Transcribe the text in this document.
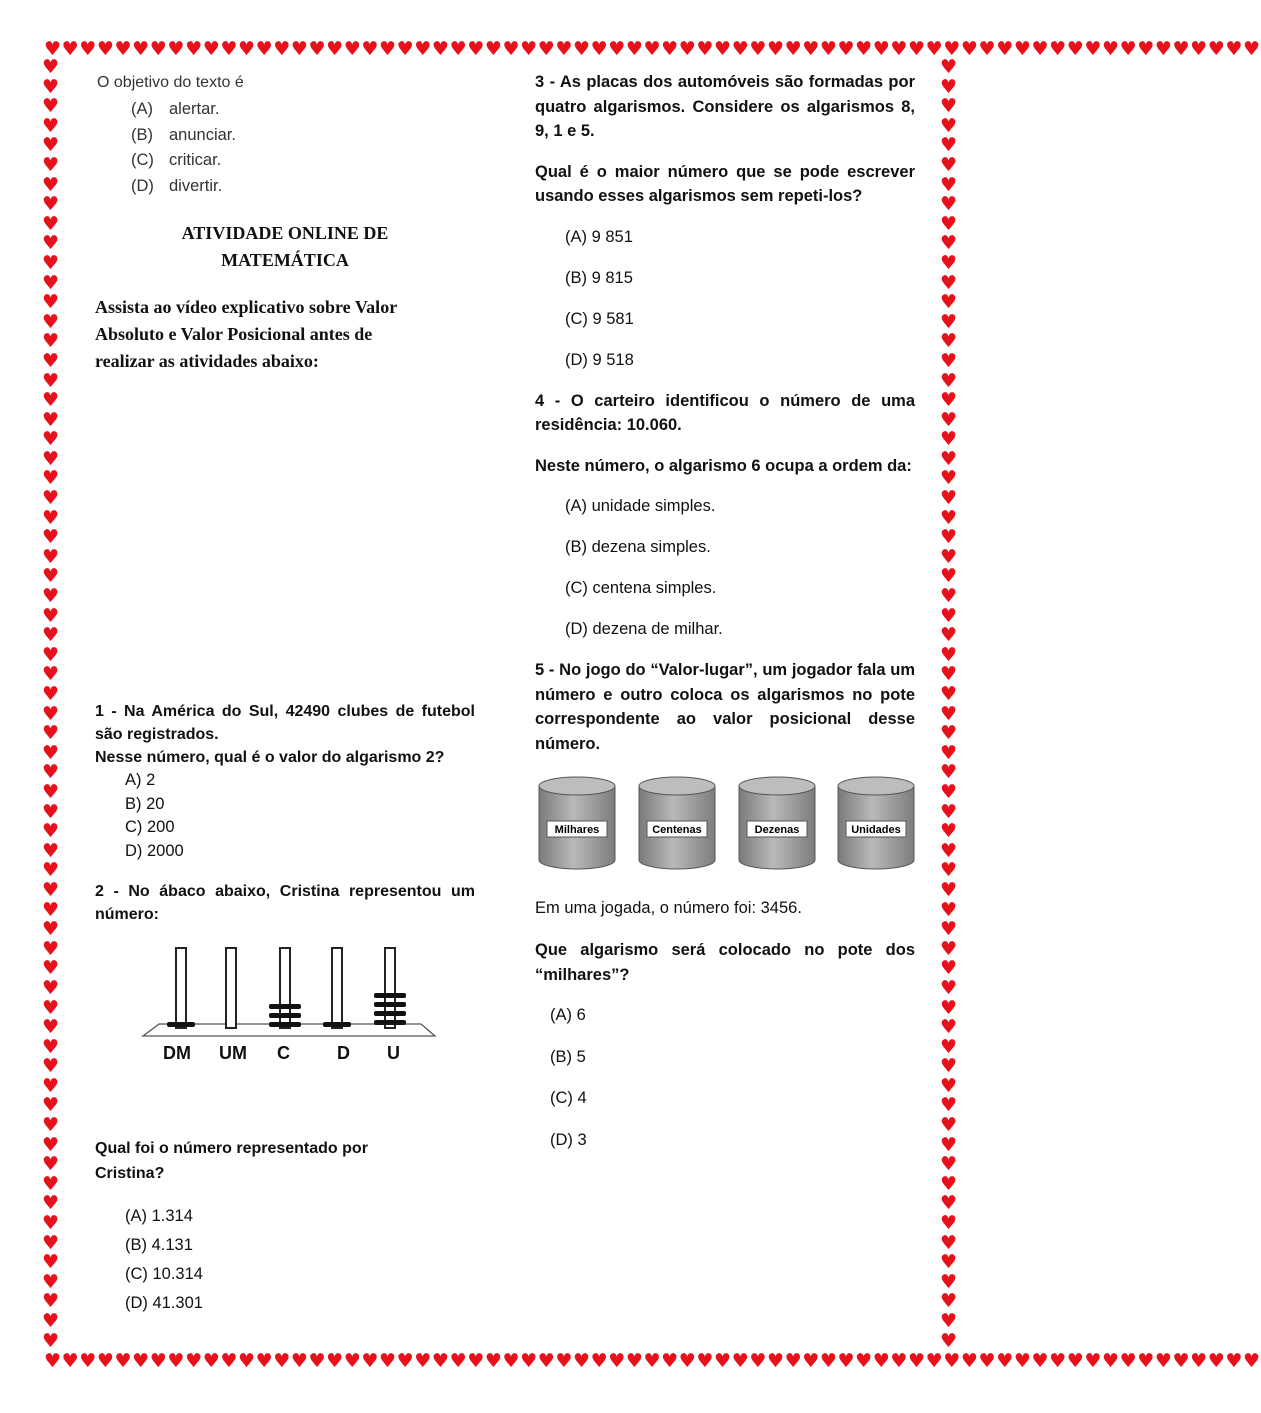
♥♥♥♥♥♥♥♥♥♥♥♥♥♥♥♥♥♥♥♥♥♥♥♥♥♥♥♥♥♥♥♥♥♥♥♥♥♥♥♥♥♥♥♥♥♥♥♥♥♥♥♥♥♥♥♥♥♥♥♥♥♥♥♥♥♥♥♥♥
♥♥♥♥♥♥♥♥♥♥♥♥♥♥♥♥♥♥♥♥♥♥♥♥♥♥♥♥♥♥♥♥♥♥♥♥♥♥♥♥♥♥♥♥♥♥♥♥♥♥♥♥♥♥♥♥♥♥♥♥♥♥♥♥♥♥♥♥♥
♥
♥
♥
♥
♥
♥
♥
♥
♥
♥
♥
♥
♥
♥
♥
♥
♥
♥
♥
♥
♥
♥
♥
♥
♥
♥
♥
♥
♥
♥
♥
♥
♥
♥
♥
♥
♥
♥
♥
♥
♥
♥
♥
♥
♥
♥
♥
♥
♥
♥
♥
♥
♥
♥
♥
♥
♥
♥
♥
♥
♥
♥
♥
♥
♥
♥
♥
♥
♥
♥
♥
♥
♥
♥
♥
♥
♥
♥
♥
♥
♥
♥
♥
♥
♥
♥
♥
♥
♥
♥
♥
♥
♥
♥
♥
♥
♥
♥
♥
♥
♥
♥
♥
♥
♥
♥
♥
♥
♥
♥
♥
♥
♥
♥
♥
♥
♥
♥
♥
♥
♥
♥
♥
♥
♥
♥
♥
♥
♥
♥
♥
♥
O objetivo do texto é
(A) alertar.
(B) anunciar.
(C) criticar.
(D) divertir.
ATIVIDADE ONLINE DE
MATEMÁTICA
Assista ao vídeo explicativo sobre Valor
Absoluto e Valor Posicional antes de
realizar as atividades abaixo:
1 - Na América do Sul, 42490 clubes de futebol são registrados.
Nesse número, qual é o valor do algarismo 2?
A) 2
B) 20
C) 200
D) 2000
2 - No ábaco abaixo, Cristina representou um número:
DM UM C	D U
Qual foi o número representado por Cristina?
(A) 1.314
(B) 4.131
(C) 10.314
(D) 41.301

3 - As placas dos automóveis são formadas por quatro algarismos. Considere os algarismos 8, 9, 1 e 5.

Qual é o maior número que se pode escrever usando esses algarismos sem repeti-los?

(A) 9 851
(B) 9 815
(C) 9 581
(D) 9 518

4 - O carteiro identificou o número de uma residência: 10.060.

Neste número, o algarismo 6 ocupa a ordem da:

(A) unidade simples.
(B) dezena simples.
(C) centena simples.
(D) dezena de milhar.

5 - No jogo do “Valor-lugar”, um jogador fala um número e outro coloca os algarismos no pote correspondente ao valor posicional desse número.

Milhares	Centenas	Dezenas	Unidades

Em uma jogada, o número foi: 3456.

Que algarismo será colocado no pote dos “milhares”?

(A) 6
(B) 5
(C) 4
(D) 3
